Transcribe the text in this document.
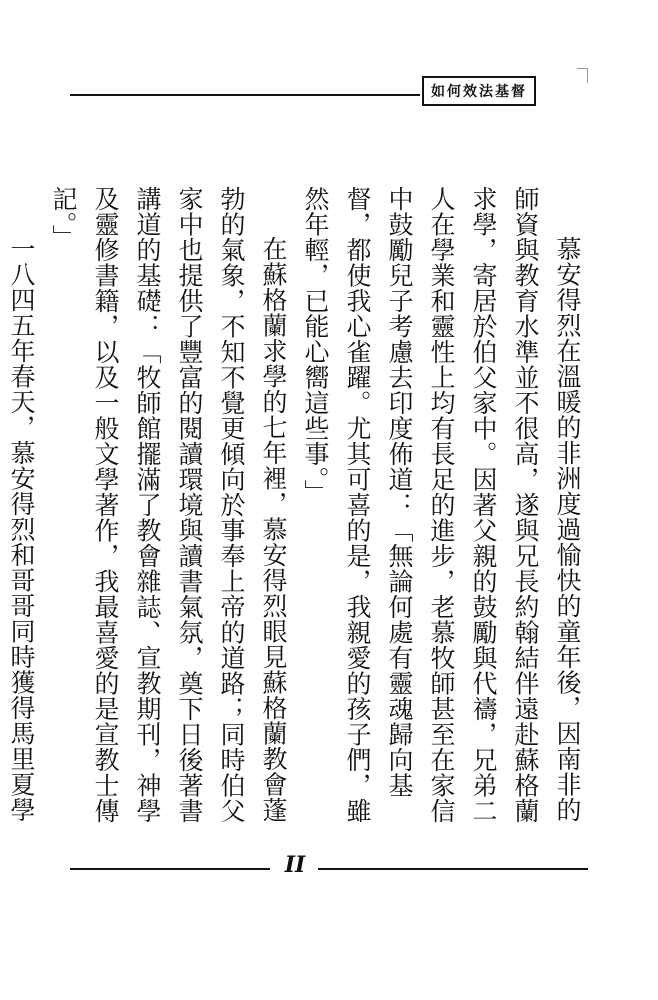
如何效法基督

慕安得烈在溫暖的非洲度過愉快的童年後，因南非的師資與教育水準並不很高，遂與兄長約翰結伴遠赴蘇格蘭求學，寄居於伯父家中。因著父親的鼓勵與代禱，兄弟二人在學業和靈性上均有長足的進步，老慕牧師甚至在家信中鼓勵兒子考慮去印度佈道：「無論何處有靈魂歸向基督，都使我心雀躍。尤其可喜的是，我親愛的孩子們，雖然年輕，已能心嚮這些事。」

在蘇格蘭求學的七年裡，慕安得烈眼見蘇格蘭教會蓬勃的氣象，不知不覺更傾向於事奉上帝的道路；同時伯父家中也提供了豐富的閱讀環境與讀書氣氛，奠下日後著書講道的基礎：「牧師館擺滿了教會雜誌、宣教期刊，神學及靈修書籍，以及一般文學著作，我最喜愛的是宣教士傳記。」

一八四五年春天，慕安得烈和哥哥同時獲得馬里夏學

II
